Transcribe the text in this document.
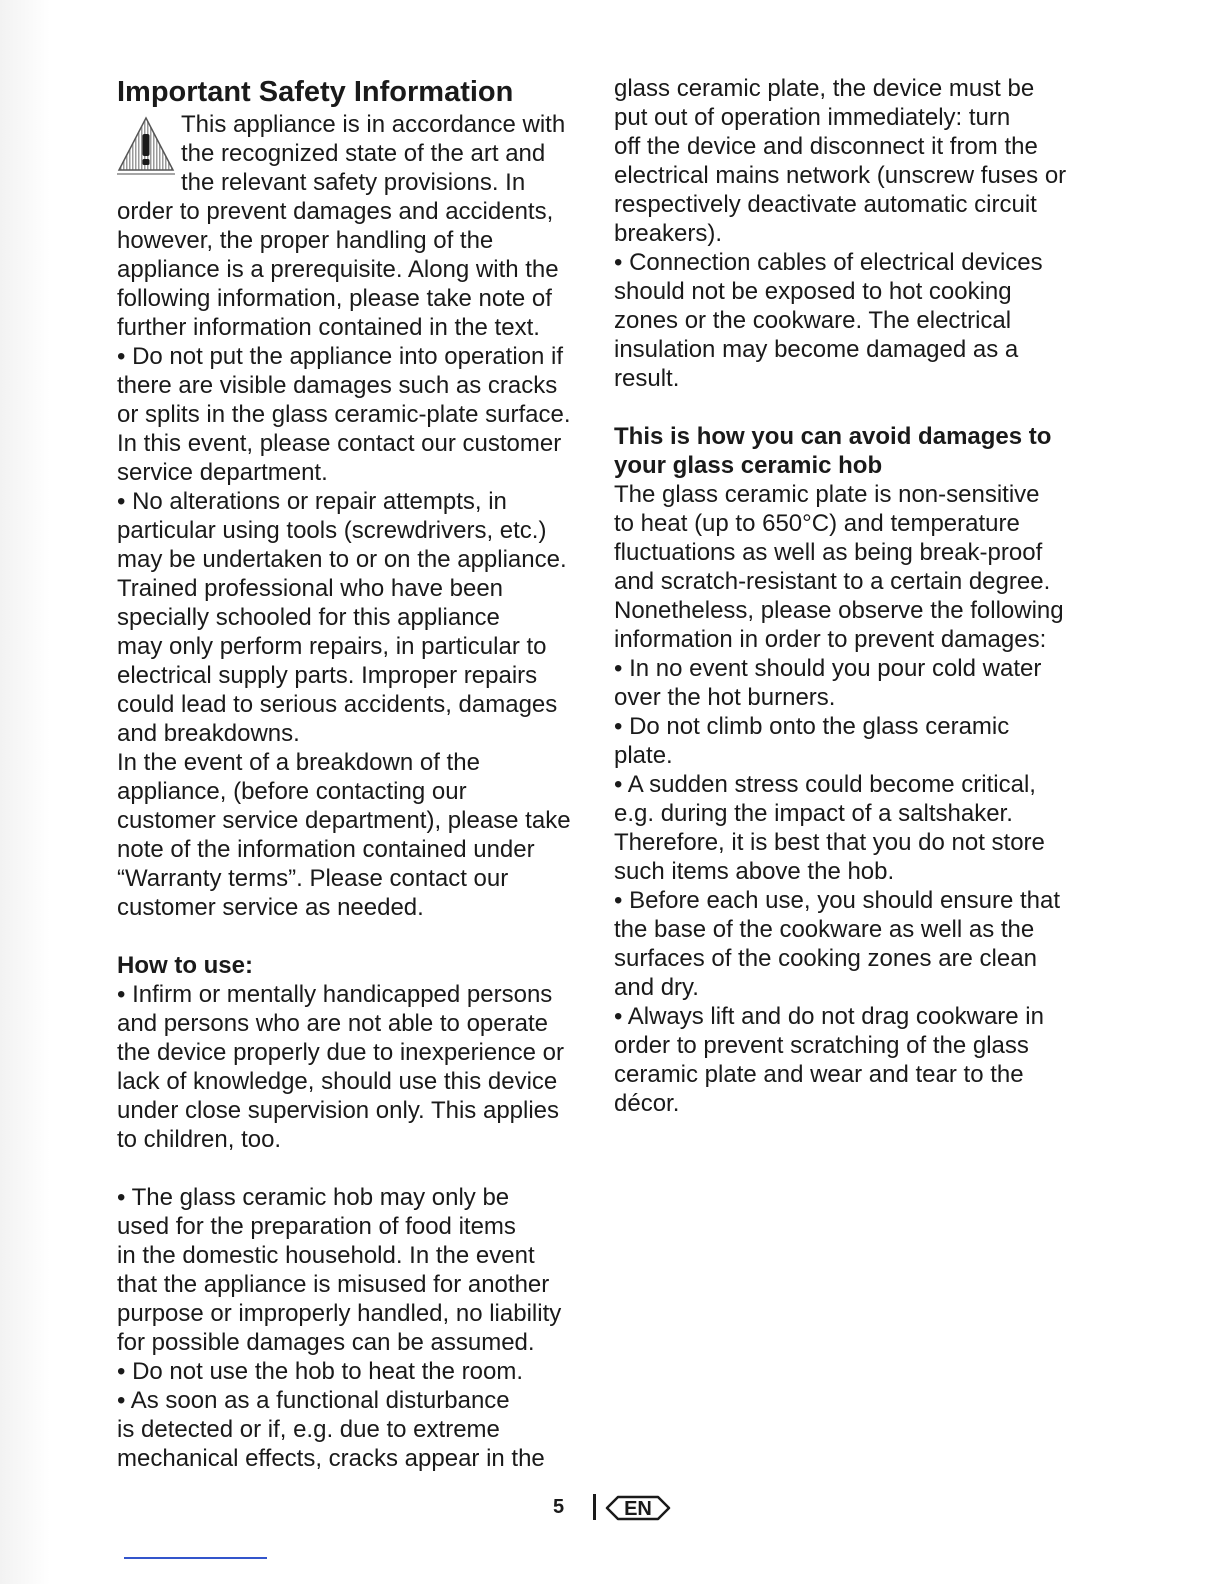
Important Safety Information
This appliance is in accordance with
the recognized state of the art and
the relevant safety provisions. In
order to prevent damages and accidents,
however, the proper handling of the
appliance is a prerequisite. Along with the
following information, please take note of
further information contained in the text.
• Do not put the appliance into operation if
there are visible damages such as cracks
or splits in the glass ceramic-plate surface.
In this event, please contact our customer
service department.
• No alterations or repair attempts, in
particular using tools (screwdrivers, etc.)
may be undertaken to or on the appliance.
Trained professional who have been
specially schooled for this appliance
may only perform repairs, in particular to
electrical supply parts. Improper repairs
could lead to serious accidents, damages
and breakdowns.
In the event of a breakdown of the
appliance, (before contacting our
customer service department), please take
note of the information contained under
“Warranty terms”. Please contact our
customer service as needed.
How to use:
• Infirm or mentally handicapped persons
and persons who are not able to operate
the device properly due to inexperience or
lack of knowledge, should use this device
under close supervision only. This applies
to children, too.
• The glass ceramic hob may only be
used for the preparation of food items
in the domestic household. In the event
that the appliance is misused for another
purpose or improperly handled, no liability
for possible damages can be assumed.
• Do not use the hob to heat the room.
• As soon as a functional disturbance
is detected or if, e.g. due to extreme
mechanical effects, cracks appear in the
glass ceramic plate, the device must be
put out of operation immediately: turn
off the device and disconnect it from the
electrical mains network (unscrew fuses or
respectively deactivate automatic circuit
breakers).
• Connection cables of electrical devices
should not be exposed to hot cooking
zones or the cookware. The electrical
insulation may become damaged as a
result.
This is how you can avoid damages to
your glass ceramic hob
The glass ceramic plate is non-sensitive
to heat (up to 650°C) and temperature
fluctuations as well as being break-proof
and scratch-resistant to a certain degree.
Nonetheless, please observe the following
information in order to prevent damages:
• In no event should you pour cold water
over the hot burners.
• Do not climb onto the glass ceramic
plate.
• A sudden stress could become critical,
e.g. during the impact of a saltshaker.
Therefore, it is best that you do not store
such items above the hob.
• Before each use, you should ensure that
the base of the cookware as well as the
surfaces of the cooking zones are clean
and dry.
• Always lift and do not drag cookware in
order to prevent scratching of the glass
ceramic plate and wear and tear to the
décor.
5	EN
